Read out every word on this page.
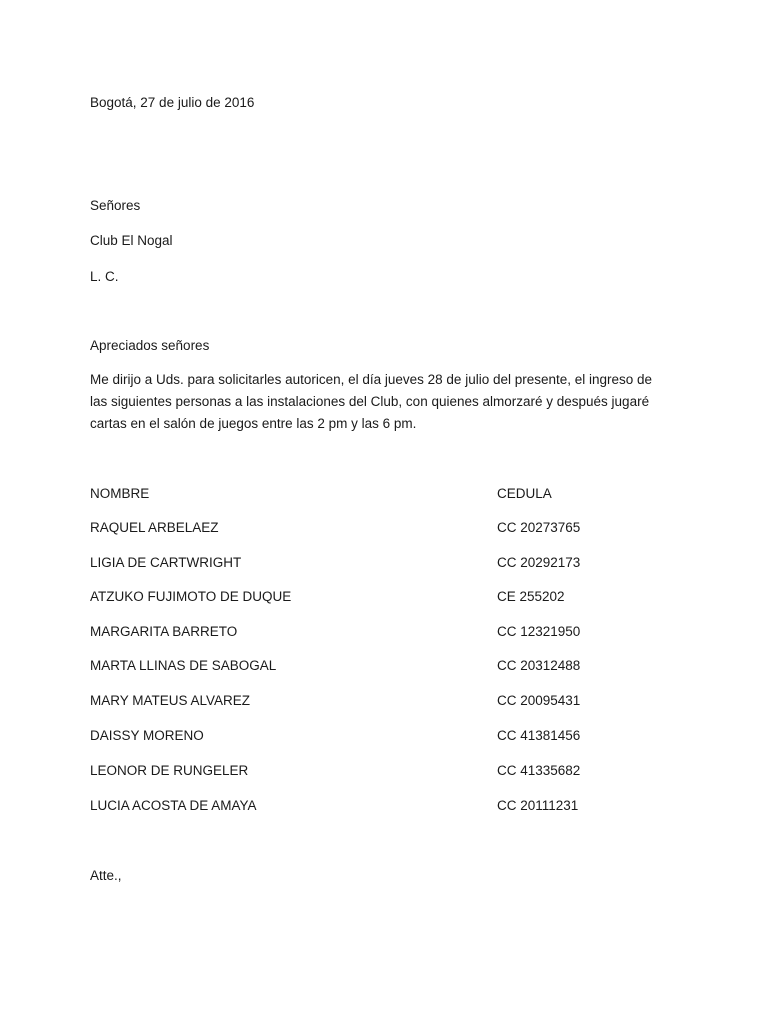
Bogotá, 27 de julio de 2016
Señores
Club El Nogal
L. C.
Apreciados señores
Me dirijo a Uds. para solicitarles autoricen, el día jueves 28 de julio del presente, el ingreso de
las siguientes personas a las instalaciones del Club, con quienes almorzaré y después jugaré
cartas en el salón de juegos entre las 2 pm y las 6 pm.
NOMBRE	CEDULA
RAQUEL ARBELAEZ	CC 20273765
LIGIA DE CARTWRIGHT	CC 20292173
ATZUKO FUJIMOTO DE DUQUE	CE 255202
MARGARITA BARRETO	CC 12321950
MARTA LLINAS DE SABOGAL	CC 20312488
MARY MATEUS ALVAREZ	CC 20095431
DAISSY MORENO	CC 41381456
LEONOR DE RUNGELER	CC 41335682
LUCIA ACOSTA DE AMAYA	CC 20111231
Atte.,
